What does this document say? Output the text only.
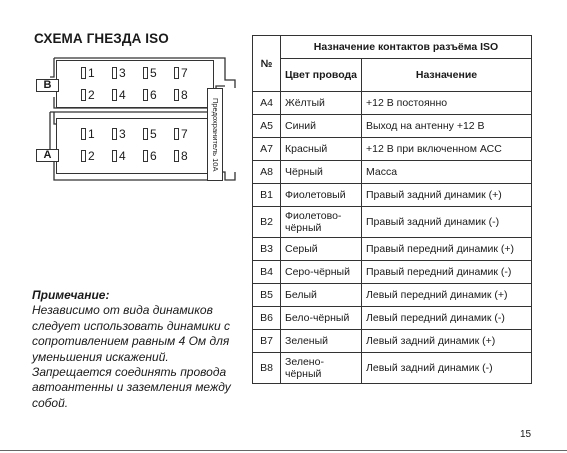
СХЕМА ГНЕЗДА ISO
B
1 3 5 7
2 4 6 8
A
1 3 5 7
2 4 6 8	Предохранитель 10А
Примечание:
Независимо от вида динамиков следует использовать динамики с сопротивлением равным 4 Ом для уменьшения искажений. Запрещается соединять провода автоантенны и заземления между собой.
№	Назначение контактов разъёма ISO	
	Цвет провода	Назначение
A4	Жёлтый	+12 В постоянно
A5	Синий	Выход на антенну +12 В
A7	Красный	+12 В при включенном АСС
A8	Чёрный	Масса
B1	Фиолетовый	Правый задний динамик (+)
B2	Фиолетово-чёрный	Правый задний динамик (-)
B3	Серый	Правый передний динамик (+)
B4	Серо-чёрный	Правый передний динамик (-)
B5	Белый	Левый передний динамик (+)
B6	Бело-чёрный	Левый передний динамик (-)
B7	Зеленый	Левый задний динамик (+)
B8	Зелено-чёрный	Левый задний динамик (-)
15
